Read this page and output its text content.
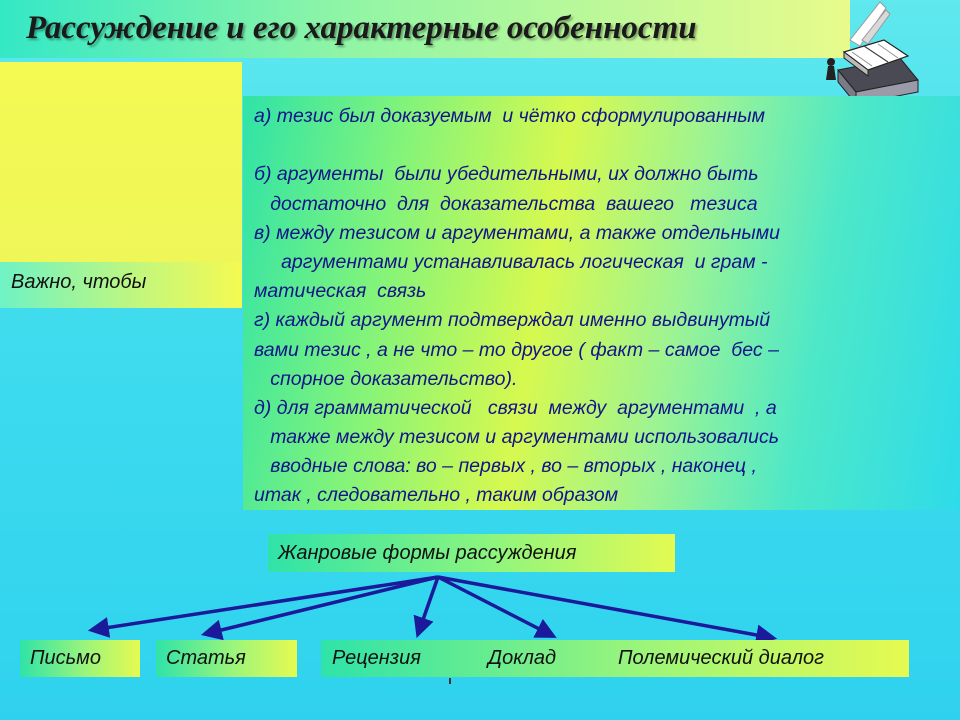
Рассуждение и его характерные особенности
Важно, чтобы
а) тезис был доказуемым  и чётко сформулированным
б) аргументы  были убедительными, их должно быть
достаточно  для  доказательства  вашего   тезиса
в) между тезисом и аргументами, а также отдельными
аргументами устанавливалась логическая  и грам -
матическая  связь
г) каждый аргумент подтверждал именно выдвинутый
вами тезис , а не что – то другое ( факт – самое  бес –
спорное доказательство).
д) для грамматической   связи  между  аргументами  , а
также между тезисом и аргументами использовались
вводные слова: во – первых , во – вторых , наконец ,
итак , следовательно , таким образом
Жанровые формы рассуждения
Письмо	Статья	Рецензия	Доклад	Полемический диалог
